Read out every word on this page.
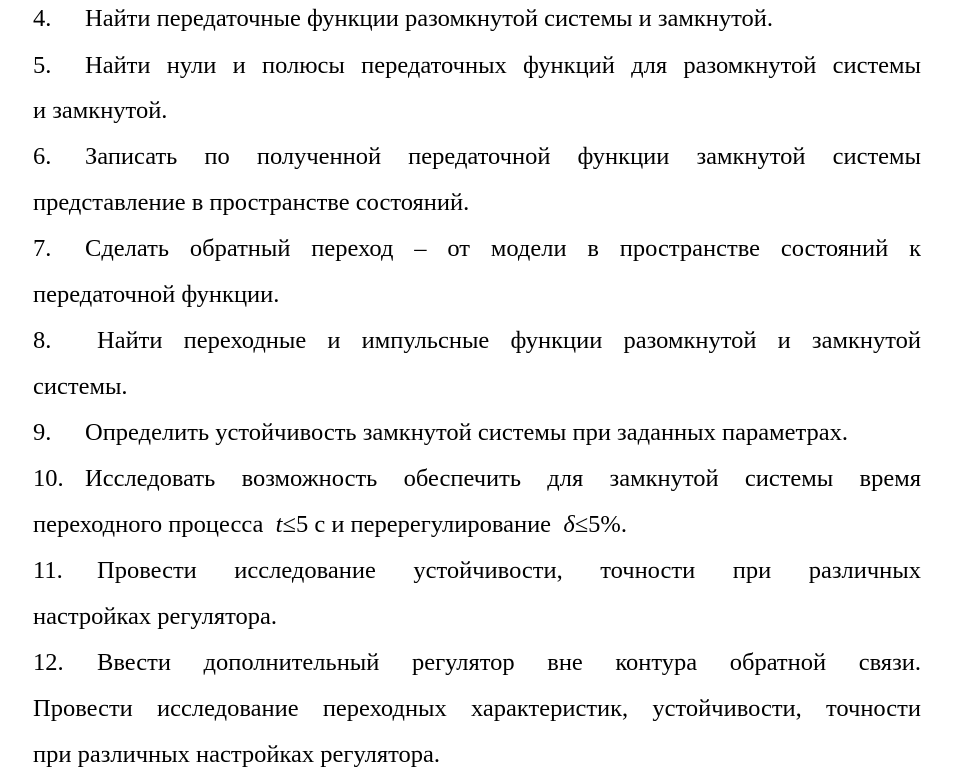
4. Найти передаточные функции разомкнутой системы и замкнутой.
5. Найти нули и полюсы передаточных функций для разомкнутой системы
и замкнутой.
6. Записать по полученной передаточной функции замкнутой системы
представление в пространстве состояний.
7. Сделать обратный переход – от модели в пространстве состояний к
передаточной функции.
8. Найти переходные и импульсные функции разомкнутой и замкнутой
системы.
9. Определить устойчивость замкнутой системы при заданных параметрах.
10. Исследовать возможность обеспечить для замкнутой системы время
переходного процесса t≤5 с и перерегулирование δ≤5%.
11. Провести исследование устойчивости, точности при различных
настройках регулятора.
12. Ввести дополнительный регулятор вне контура обратной связи.
Провести исследование переходных характеристик, устойчивости, точности
при различных настройках регулятора.
